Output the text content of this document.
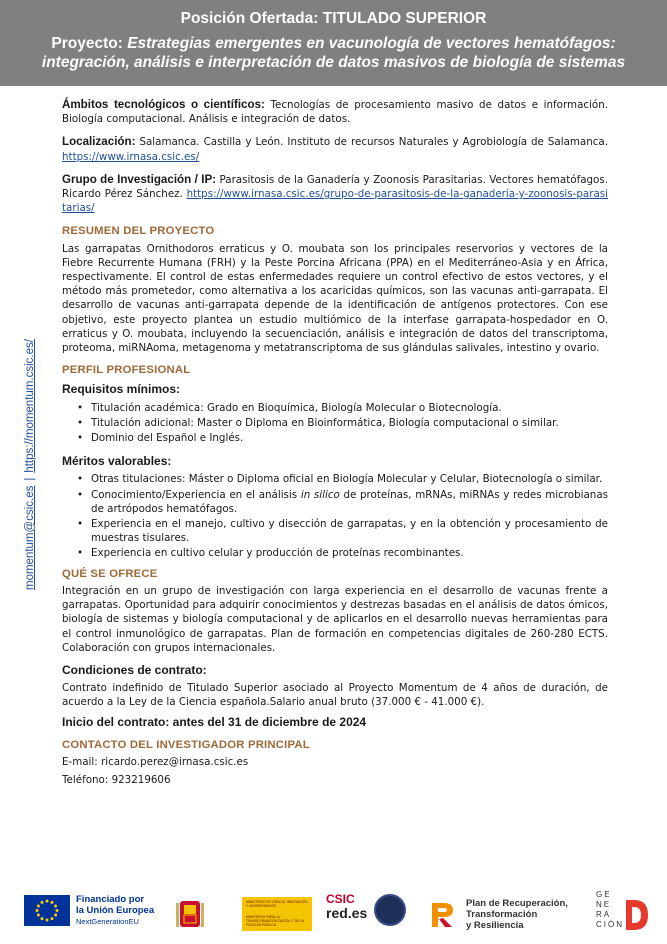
Posición Ofertada: TITULADO SUPERIOR
Proyecto: Estrategias emergentes en vacunología de vectores hematófagos:
integración, análisis e interpretación de datos masivos de biología de sistemas
momentum@csic.es|https://momentum.csic.es/
Ámbitos tecnológicos o científicos: Tecnologías de procesamiento masivo de datos e información. Biología computacional. Análisis e integración de datos.
Localización: Salamanca. Castilla y León. Instituto de recursos Naturales y Agrobiología de Salamanca. https://www.irnasa.csic.es/
Grupo de Investigación / IP: Parasitosis de la Ganadería y Zoonosis Parasitarias. Vectores hematófagos. Ricardo Pérez Sánchez. https://www.irnasa.csic.es/grupo-de-parasitosis-de-la-ganaderia-y-zoonosis-parasitarias/
RESUMEN DEL PROYECTO
Las garrapatas Ornithodoros erraticus y O. moubata son los principales reservorios y vectores de la Fiebre Recurrente Humana (FRH) y la Peste Porcina Africana (PPA) en el Mediterráneo-Asia y en África, respectivamente. El control de estas enfermedades requiere un control efectivo de estos vectores, y el método más prometedor, como alternativa a los acaricidas químicos, son las vacunas anti-garrapata. El desarrollo de vacunas anti-garrapata depende de la identificación de antígenos protectores. Con ese objetivo, este proyecto plantea un estudio multiómico de la interfase garrapata-hospedador en O. erraticus y O. moubata, incluyendo la secuenciación, análisis e integración de datos del transcriptoma, proteoma, miRNAoma, metagenoma y metatranscriptoma de sus glándulas salivales, intestino y ovario.
PERFIL PROFESIONAL
Requisitos mínimos:
• Titulación académica: Grado en Bioquímica, Biología Molecular o Biotecnología.
• Titulación adicional: Master o Diploma en Bioinformática, Biología computacional o similar.
• Dominio del Español e Inglés.
Méritos valorables:
• Otras titulaciones: Máster o Diploma oficial en Biología Molecular y Celular, Biotecnología o similar.
• Conocimiento/Experiencia en el análisis in silico de proteínas, mRNAs, miRNAs y redes microbianas de artrópodos hematófagos.
• Experiencia en el manejo, cultivo y disección de garrapatas, y en la obtención y procesamiento de muestras tisulares.
• Experiencia en cultivo celular y producción de proteínas recombinantes.
QUÉ SE OFRECE
Integración en un grupo de investigación con larga experiencia en el desarrollo de vacunas frente a garrapatas. Oportunidad para adquirir conocimientos y destrezas basadas en el análisis de datos ómicos, biología de sistemas y biología computacional y de aplicarlos en el desarrollo nuevas herramientas para el control inmunológico de garrapatas. Plan de formación en competencias digitales de 260-280 ECTS. Colaboración con grupos internacionales.
Condiciones de contrato:
Contrato indefinido de Titulado Superior asociado al Proyecto Momentum de 4 años de duración, de acuerdo a la Ley de la Ciencia española.Salario anual bruto (37.000 € - 41.000 €).
Inicio del contrato: antes del 31 de diciembre de 2024
CONTACTO DEL INVESTIGADOR PRINCIPAL
E-mail: ricardo.perez@irnasa.csic.es
Teléfono: 923219606
Financiado por
la Unión Europea
NextGenerationEU
MINISTERIO DE CIENCIA, INNOVACIÓN Y UNIVERSIDADES
MINISTERIO PARA LA TRANSFORMACIÓN DIGITAL Y DE LA FUNCIÓN PÚBLICA
CSIC
red.es
Plan de Recuperación,
Transformación
y Resiliencia
GE
NE
RA
CIÓN
